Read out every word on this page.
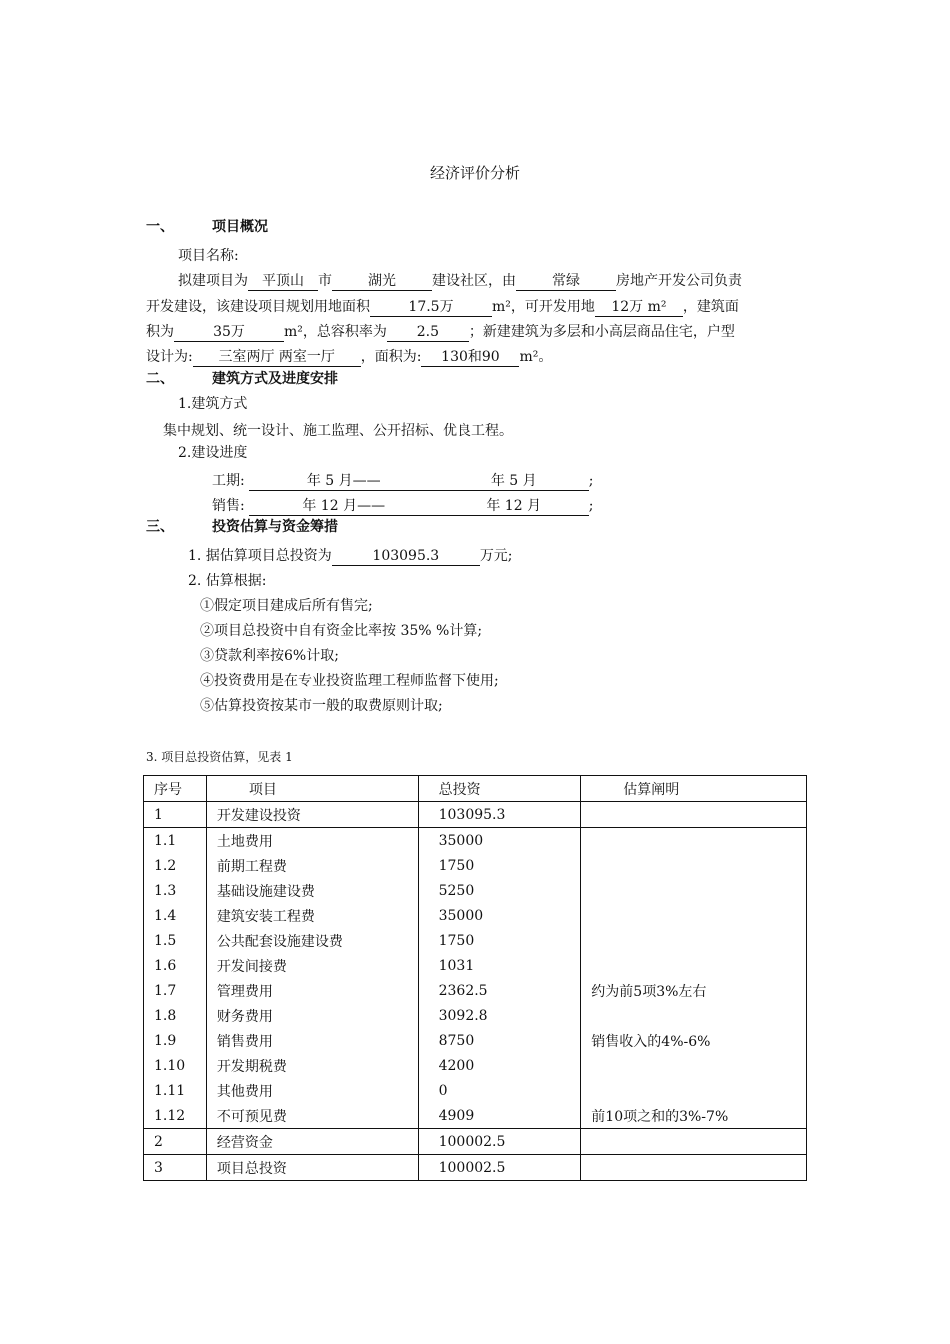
经济评价分析
一、	项目概况
项目名称:
拟建项目为 平顶山 市	湖光	建设社区，由	常绿	房地产开发公司负责
开发建设，该建设项目规划用地面积	17.5万	m²，可开发用地 12万 m² ，建筑面
积为	35万	m²，总容积率为 2.5 ；新建建筑为多层和小高层商品住宅，户型
设计为: 三室两厅 两室一厅 ，面积为: 130和90 m²。
二、	建筑方式及进度安排
1.建筑方式
集中规划、统一设计、施工监理、公开招标、优良工程。
2.建设进度
工期:	年 5 月——	年 5 月	;
销售:	年 12 月——	年 12 月	;
三、	投资估算与资金筹措
1. 据估算项目总投资为	103095.3	万元;
2. 估算根据:
①假定项目建成后所有售完;
②项目总投资中自有资金比率按 35% %计算;
③贷款利率按6%计取;
④投资费用是在专业投资监理工程师监督下使用;
⑤估算投资按某市一般的取费原则计取;
3. 项目总投资估算，见表 1
序号	项目	总投资	估算阐明
1	开发建设投资	103095.3	
1.1	土地费用	35000	
1.2	前期工程费	1750	
1.3	基础设施建设费	5250	
1.4	建筑安装工程费	35000	
1.5	公共配套设施建设费	1750	
1.6	开发间接费	1031	
1.7	管理费用	2362.5	约为前5项3%左右
1.8	财务费用	3092.8	
1.9	销售费用	8750	销售收入的4%-6%
1.10	开发期税费	4200	
1.11	其他费用	0	
1.12	不可预见费	4909	前10项之和的3%-7%
2	经营资金	100002.5	
3	项目总投资	100002.5	
